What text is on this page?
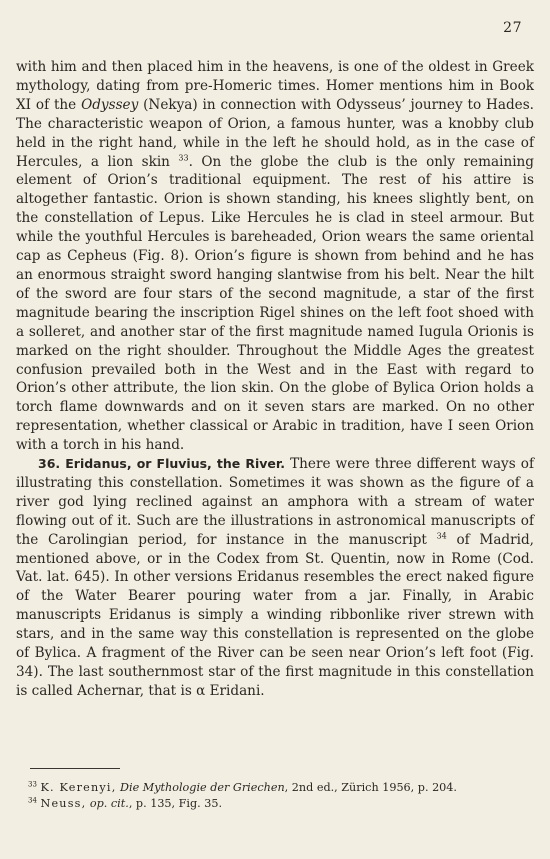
27

with him and then placed him in the heavens, is one of the oldest in Greek mythology, dating from pre-Homeric times. Homer mentions him in Book XI of the Odyssey (Nekya) in connection with Odysseus’ journey to Hades. The characteristic weapon of Orion, a famous hunter, was a knobby club held in the right hand, while in the left he should hold, as in the case of Hercules, a lion skin $^{33}$. On the globe the club is the only remaining element of Orion’s traditional equipment. The rest of his attire is altogether fantastic. Orion is shown standing, his knees slightly bent, on the constellation of Lepus. Like Hercules he is clad in steel armour. But while the youthful Hercules is bareheaded, Orion wears the same oriental cap as Cepheus (Fig. 8). Orion’s figure is shown from behind and he has an enormous straight sword hanging slantwise from his belt. Near the hilt of the sword are four stars of the second magnitude, a star of the first magnitude bearing the inscription Rigel shines on the left foot shoed with a solleret, and another star of the first magnitude named Iugula Orionis is marked on the right shoulder. Throughout the Middle Ages the greatest confusion prevailed both in the West and in the East with regard to Orion’s other attribute, the lion skin. On the globe of Bylica Orion holds a torch flame downwards and on it seven stars are marked. On no other representation, whether classical or Arabic in tradition, have I seen Orion with a torch in his hand.

36. Eridanus, or Fluvius, the River. There were three different ways of illustrating this constellation. Sometimes it was shown as the figure of a river god lying reclined against an amphora with a stream of water flowing out of it. Such are the illustrations in astronomical manuscripts of the Carolingian period, for instance in the manuscript $^{34}$ of Madrid, mentioned above, or in the Codex from St. Quentin, now in Rome (Cod. Vat. lat. 645). In other versions Eridanus resembles the erect naked figure of the Water Bearer pouring water from a jar. Finally, in Arabic manuscripts Eridanus is simply a winding ribbonlike river strewn with stars, and in the same way this constellation is represented on the globe of Bylica. A fragment of the River can be seen near Orion’s left foot (Fig. 34). The last southernmost star of the first magnitude in this constellation is called Achernar, that is α Eridani.

$^{33}$ K. Kerenyi, Die Mythologie der Griechen, 2nd ed., Zürich 1956, p. 204.
$^{34}$ Neuss, op. cit., p. 135, Fig. 35.
